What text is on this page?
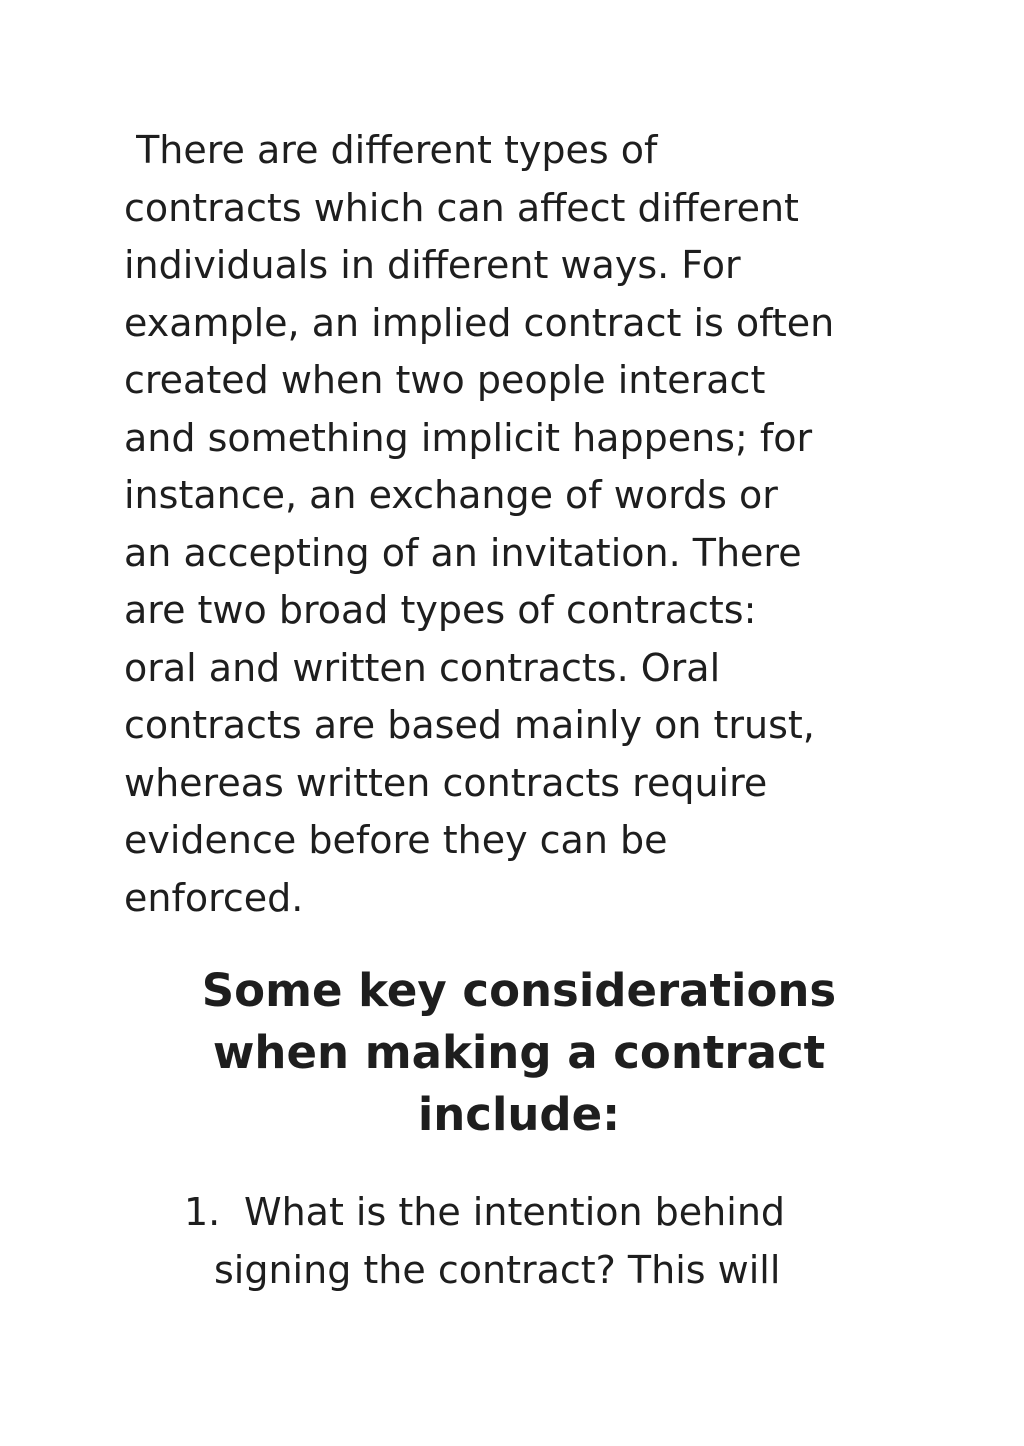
There are different types of
contracts which can affect different
individuals in different ways. For
example, an implied contract is often
created when two people interact
and something implicit happens; for
instance, an exchange of words or
an accepting of an invitation. There
are two broad types of contracts:
oral and written contracts. Oral
contracts are based mainly on trust,
whereas written contracts require
evidence before they can be
enforced.

Some key considerations
when making a contract
include:
1. What is the intention behind
signing the contract? This will
